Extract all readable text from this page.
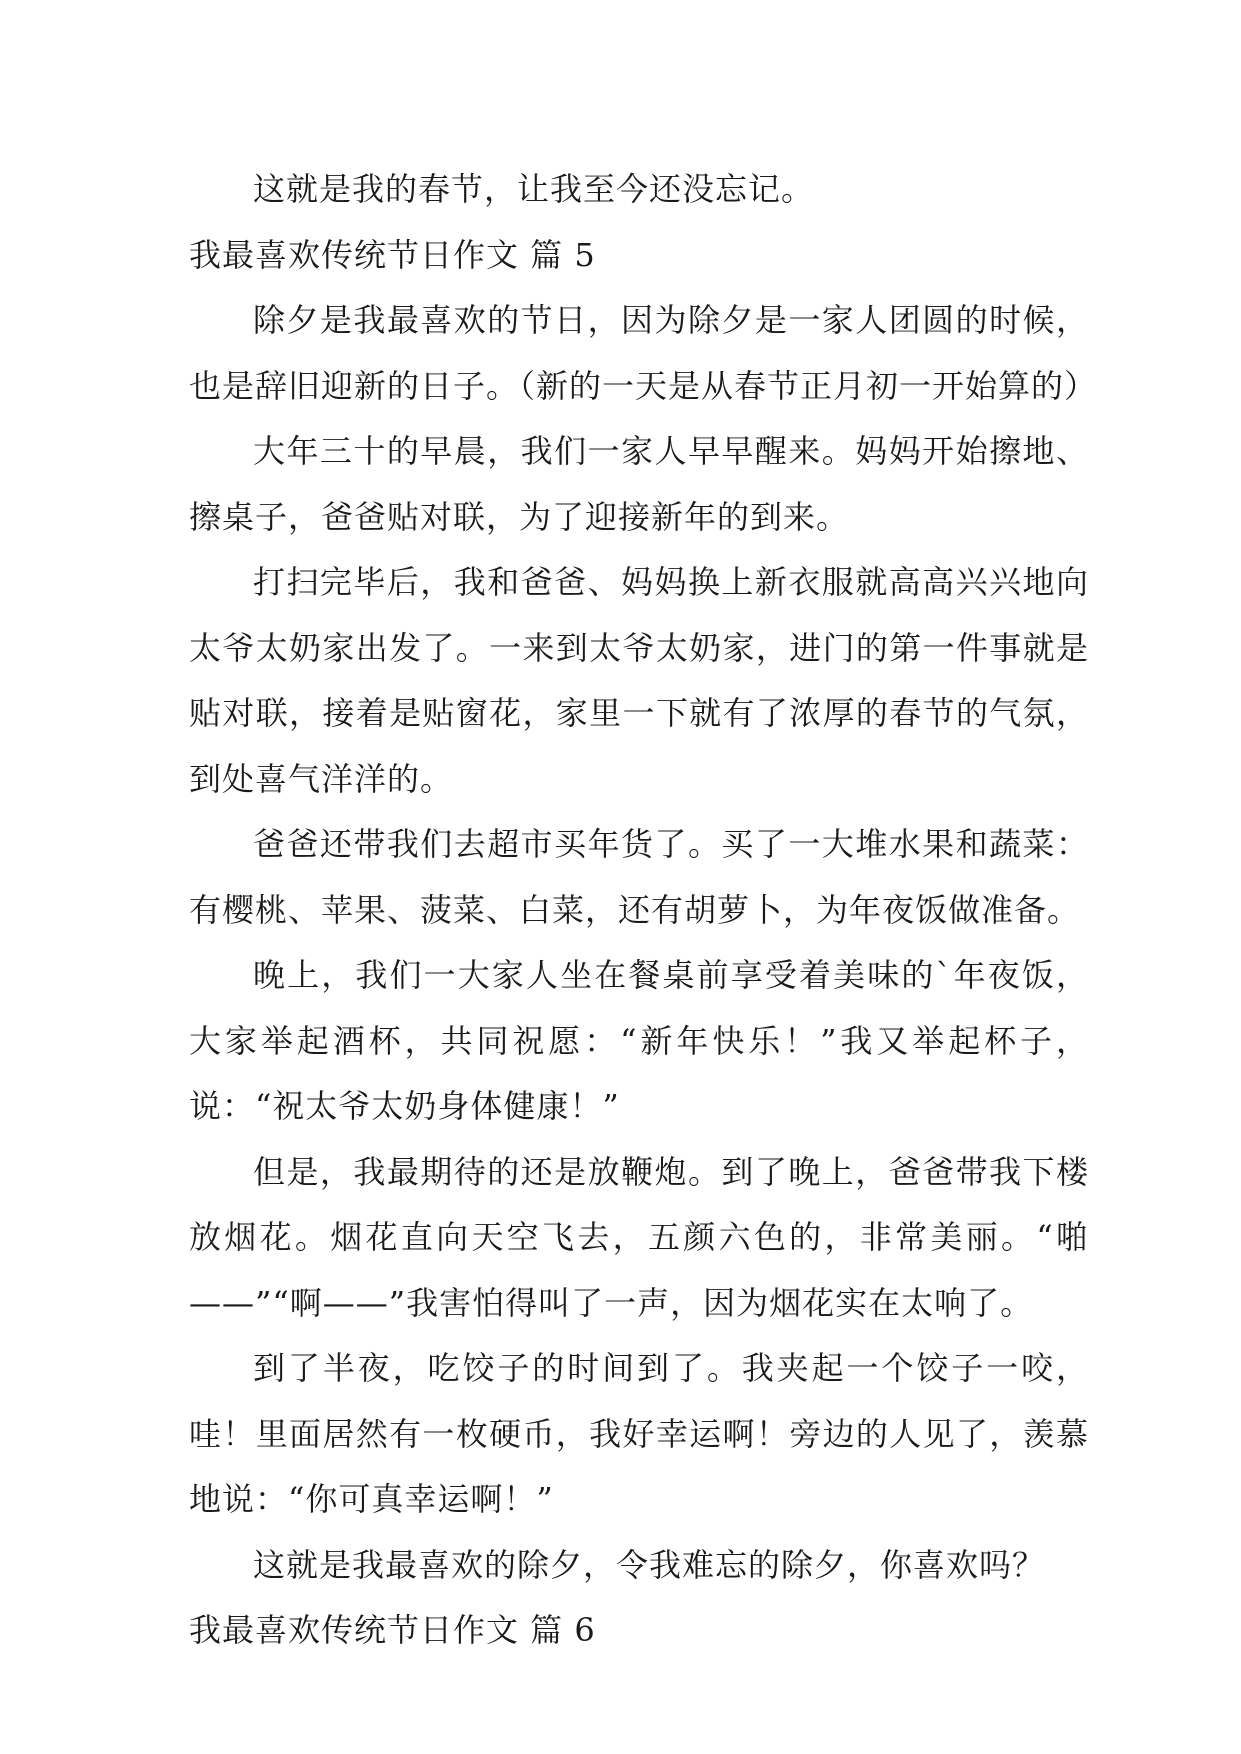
这就是我的春节，让我至今还没忘记。

我最喜欢传统节日作文 篇 5

除夕是我最喜欢的节日，因为除夕是一家人团圆的时候，也是辞旧迎新的日子。（新的一天是从春节正月初一开始算的）

大年三十的早晨，我们一家人早早醒来。妈妈开始擦地、擦桌子，爸爸贴对联，为了迎接新年的到来。

打扫完毕后，我和爸爸、妈妈换上新衣服就高高兴兴地向太爷太奶家出发了。一来到太爷太奶家，进门的第一件事就是贴对联，接着是贴窗花，家里一下就有了浓厚的春节的气氛，到处喜气洋洋的。

爸爸还带我们去超市买年货了。买了一大堆水果和蔬菜：有樱桃、苹果、菠菜、白菜，还有胡萝卜，为年夜饭做准备。

晚上，我们一大家人坐在餐桌前享受着美味的`年夜饭，大家举起酒杯，共同祝愿：“新年快乐！”我又举起杯子，说：“祝太爷太奶身体健康！”

但是，我最期待的还是放鞭炮。到了晚上，爸爸带我下楼放烟花。烟花直向天空飞去，五颜六色的，非常美丽。“啪——”“啊——”我害怕得叫了一声，因为烟花实在太响了。

到了半夜，吃饺子的时间到了。我夹起一个饺子一咬，哇！里面居然有一枚硬币，我好幸运啊！旁边的人见了，羡慕地说：“你可真幸运啊！”

这就是我最喜欢的除夕，令我难忘的除夕，你喜欢吗？

我最喜欢传统节日作文 篇 6
